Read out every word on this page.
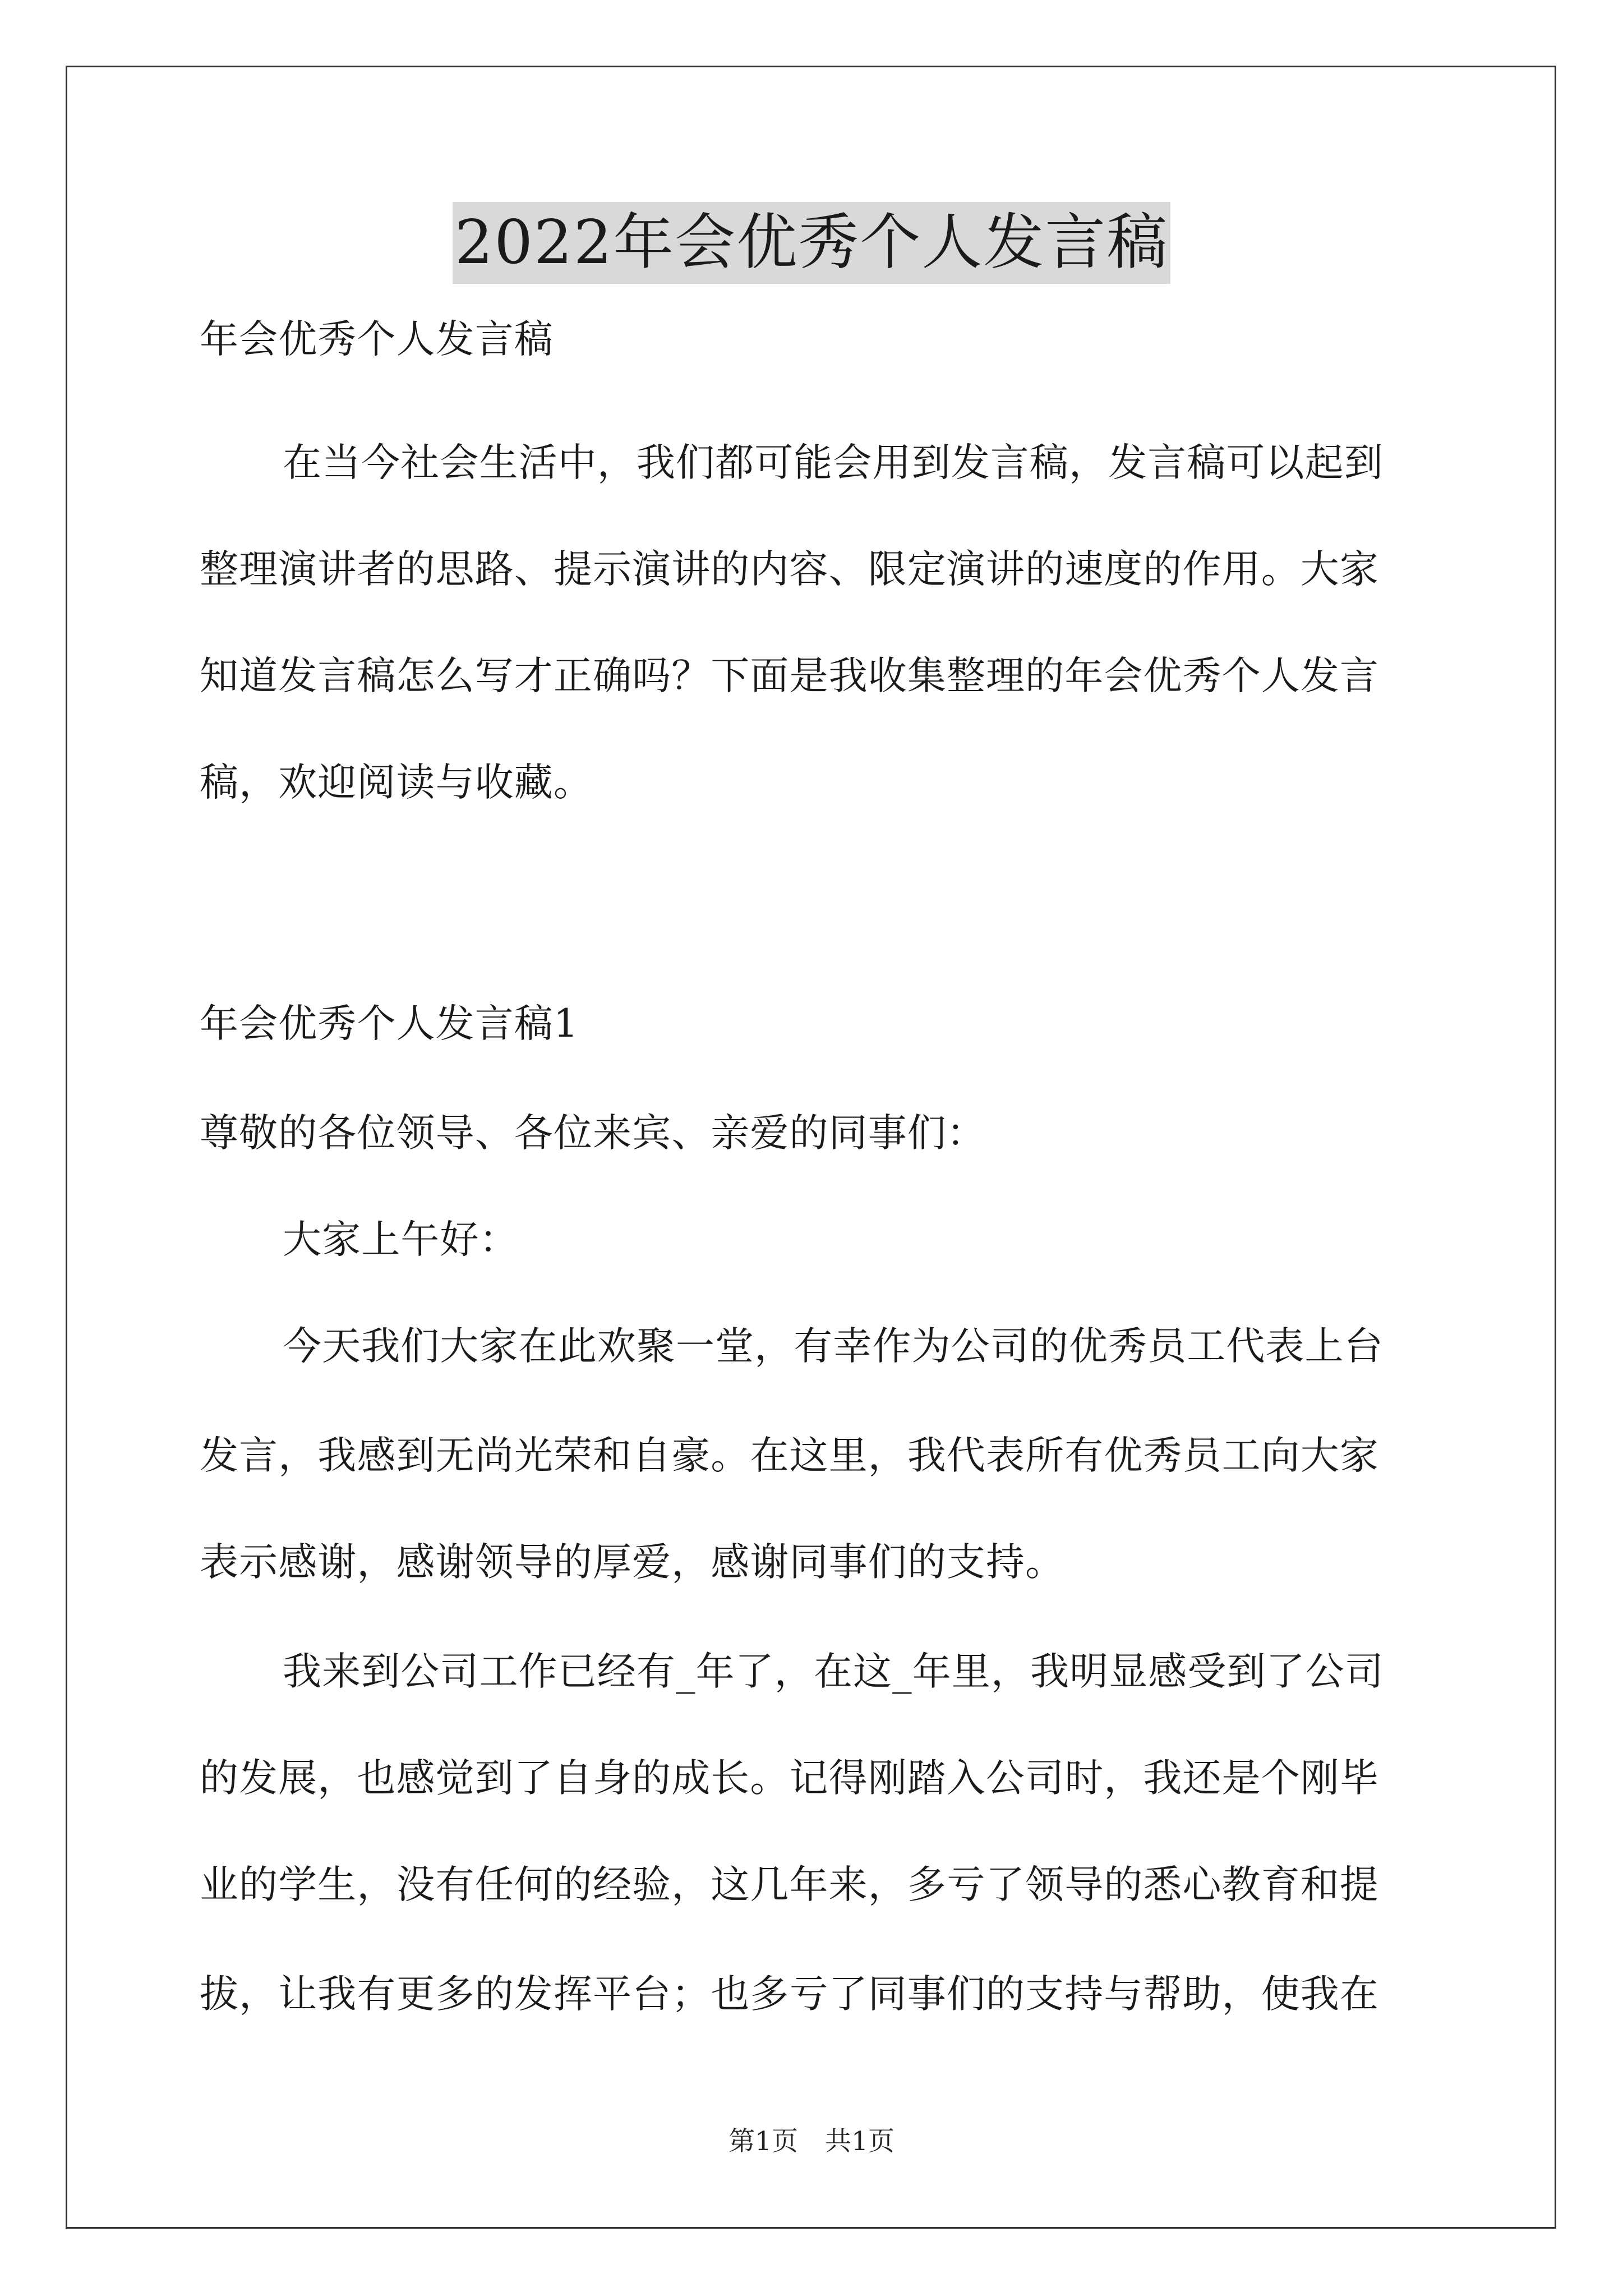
2022年会优秀个人发言稿
年会优秀个人发言稿
在当今社会生活中，我们都可能会用到发言稿，发言稿可以起到
整理演讲者的思路、提示演讲的内容、限定演讲的速度的作用。大家
知道发言稿怎么写才正确吗？下面是我收集整理的年会优秀个人发言
稿，欢迎阅读与收藏。
年会优秀个人发言稿1
尊敬的各位领导、各位来宾、亲爱的同事们：
大家上午好：
今天我们大家在此欢聚一堂，有幸作为公司的优秀员工代表上台
发言，我感到无尚光荣和自豪。在这里，我代表所有优秀员工向大家
表示感谢，感谢领导的厚爱，感谢同事们的支持。
我来到公司工作已经有_年了，在这_年里，我明显感受到了公司
的发展，也感觉到了自身的成长。记得刚踏入公司时，我还是个刚毕
业的学生，没有任何的经验，这几年来，多亏了领导的悉心教育和提
拔，让我有更多的发挥平台；也多亏了同事们的支持与帮助，使我在
第1页 共1页
